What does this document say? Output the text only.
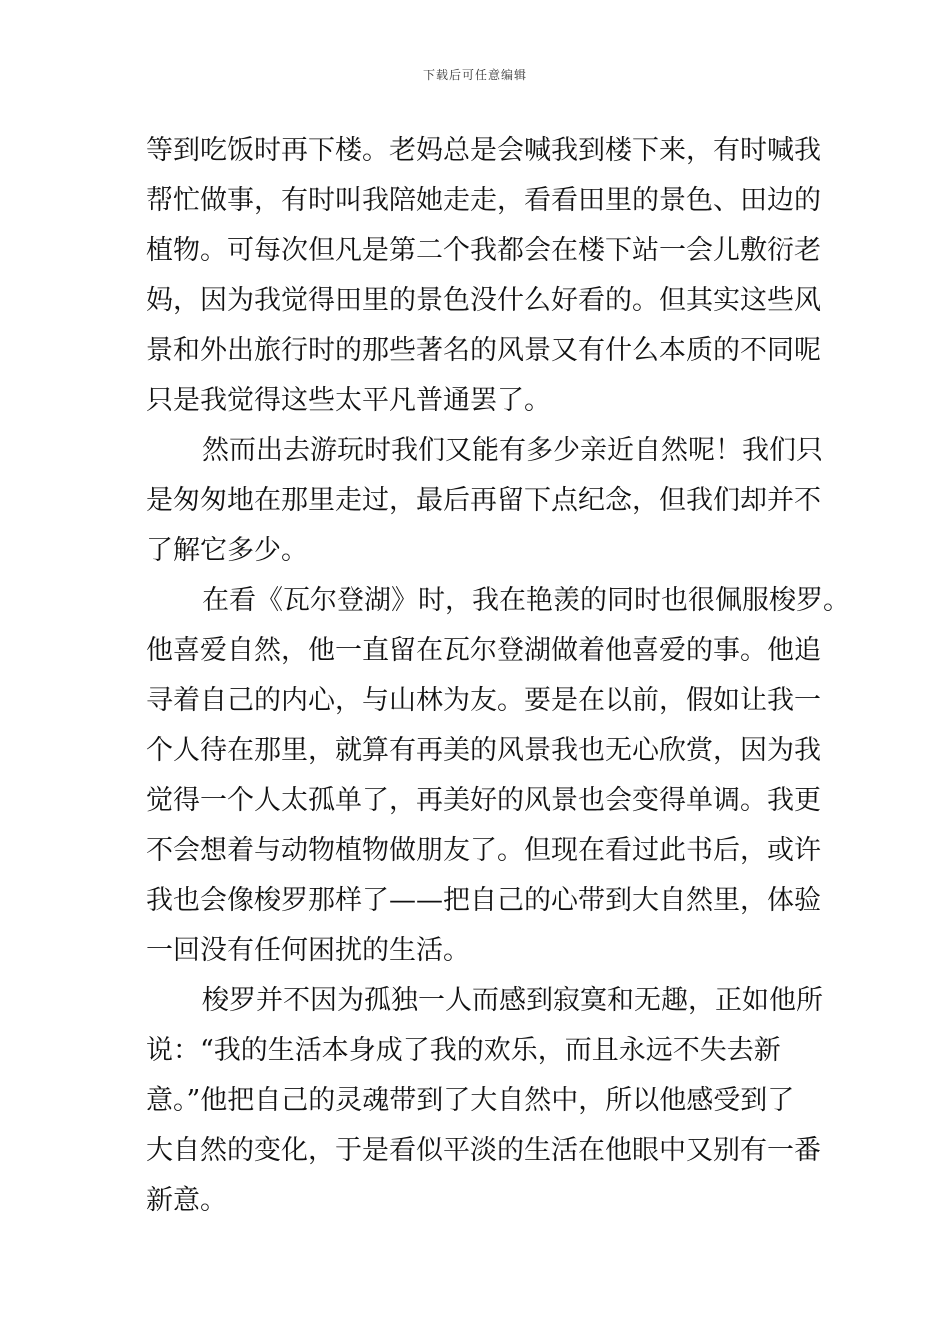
下载后可任意编辑
等到吃饭时再下楼。老妈总是会喊我到楼下来，有时喊我
帮忙做事，有时叫我陪她走走，看看田里的景色、田边的
植物。可每次但凡是第二个我都会在楼下站一会儿敷衍老
妈，因为我觉得田里的景色没什么好看的。但其实这些风
景和外出旅行时的那些著名的风景又有什么本质的不同呢
只是我觉得这些太平凡普通罢了。
然而出去游玩时我们又能有多少亲近自然呢！我们只
是匆匆地在那里走过，最后再留下点纪念，但我们却并不
了解它多少。
在看《瓦尔登湖》时，我在艳羡的同时也很佩服梭罗。
他喜爱自然，他一直留在瓦尔登湖做着他喜爱的事。他追
寻着自己的内心，与山林为友。要是在以前，假如让我一
个人待在那里，就算有再美的风景我也无心欣赏，因为我
觉得一个人太孤单了，再美好的风景也会变得单调。我更
不会想着与动物植物做朋友了。但现在看过此书后，或许
我也会像梭罗那样了——把自己的心带到大自然里，体验
一回没有任何困扰的生活。
梭罗并不因为孤独一人而感到寂寞和无趣，正如他所
说：“我的生活本身成了我的欢乐，而且永远不失去新
意。”他把自己的灵魂带到了大自然中，所以他感受到了
大自然的变化，于是看似平淡的生活在他眼中又别有一番
新意。
